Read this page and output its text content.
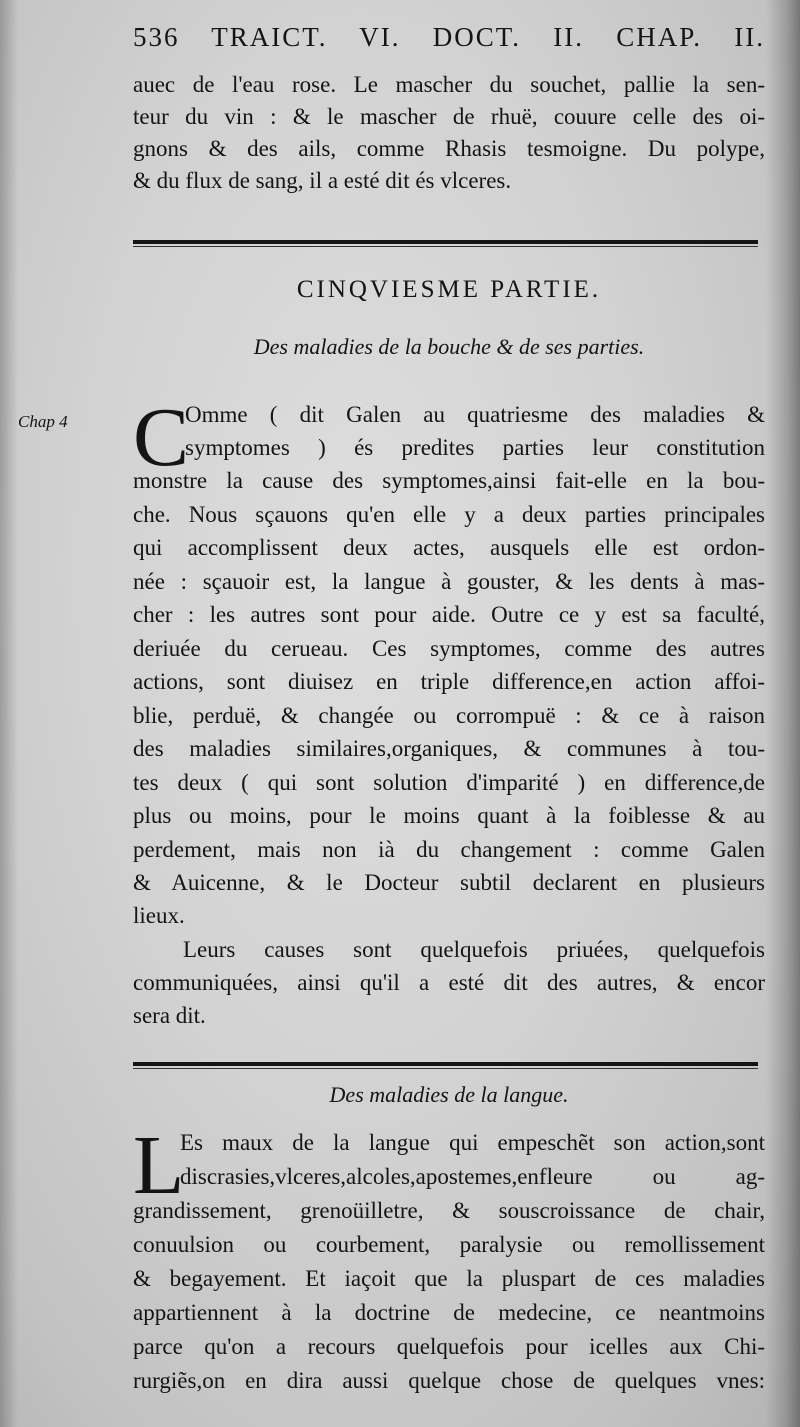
536 TRAICT. VI. DOCT. II. CHAP. II.
auec de l'eau rose. Le mascher du souchet, pallie la sen-
teur du vin : & le mascher de rhuë, couure celle des oi-
gnons & des ails, comme Rhasis tesmoigne. Du polype,
& du flux de sang, il a esté dit és vlceres.
CINQVIESME PARTIE.
Des maladies de la bouche & de ses parties.
Chap 4 C
Omme ( dit Galen au quatriesme des maladies &
symptomes ) és predites parties leur constitution
monstre la cause des symptomes,ainsi fait-elle en la bou-
che. Nous sçauons qu'en elle y a deux parties principales
qui accomplissent deux actes, ausquels elle est ordon-
née : sçauoir est, la langue à gouster, & les dents à mas-
cher : les autres sont pour aide. Outre ce y est sa faculté,
deriuée du cerueau. Ces symptomes, comme des autres
actions, sont diuisez en triple difference,en action affoi-
blie, perduë, & changée ou corrompuë : & ce à raison
des maladies similaires,organiques, & communes à tou-
tes deux ( qui sont solution d'imparité ) en difference,de
plus ou moins, pour le moins quant à la foiblesse & au
perdement, mais non ià du changement : comme Galen
& Auicenne, & le Docteur subtil declarent en plusieurs
lieux.
Leurs causes sont quelquefois priuées, quelquefois
communiquées, ainsi qu'il a esté dit des autres, & encor
sera dit.
Des maladies de la langue.
L
Es maux de la langue qui empeschẽt son action,sont
discrasies,vlceres,alcoles,apostemes,enfleure ou ag-
grandissement, grenoüilletre, & souscroissance de chair,
conuulsion ou courbement, paralysie ou remollissement
& begayement. Et iaçoit que la pluspart de ces maladies
appartiennent à la doctrine de medecine, ce neantmoins
parce qu'on a recours quelquefois pour icelles aux Chi-
rurgiẽs,on en dira aussi quelque chose de quelques vnes:
